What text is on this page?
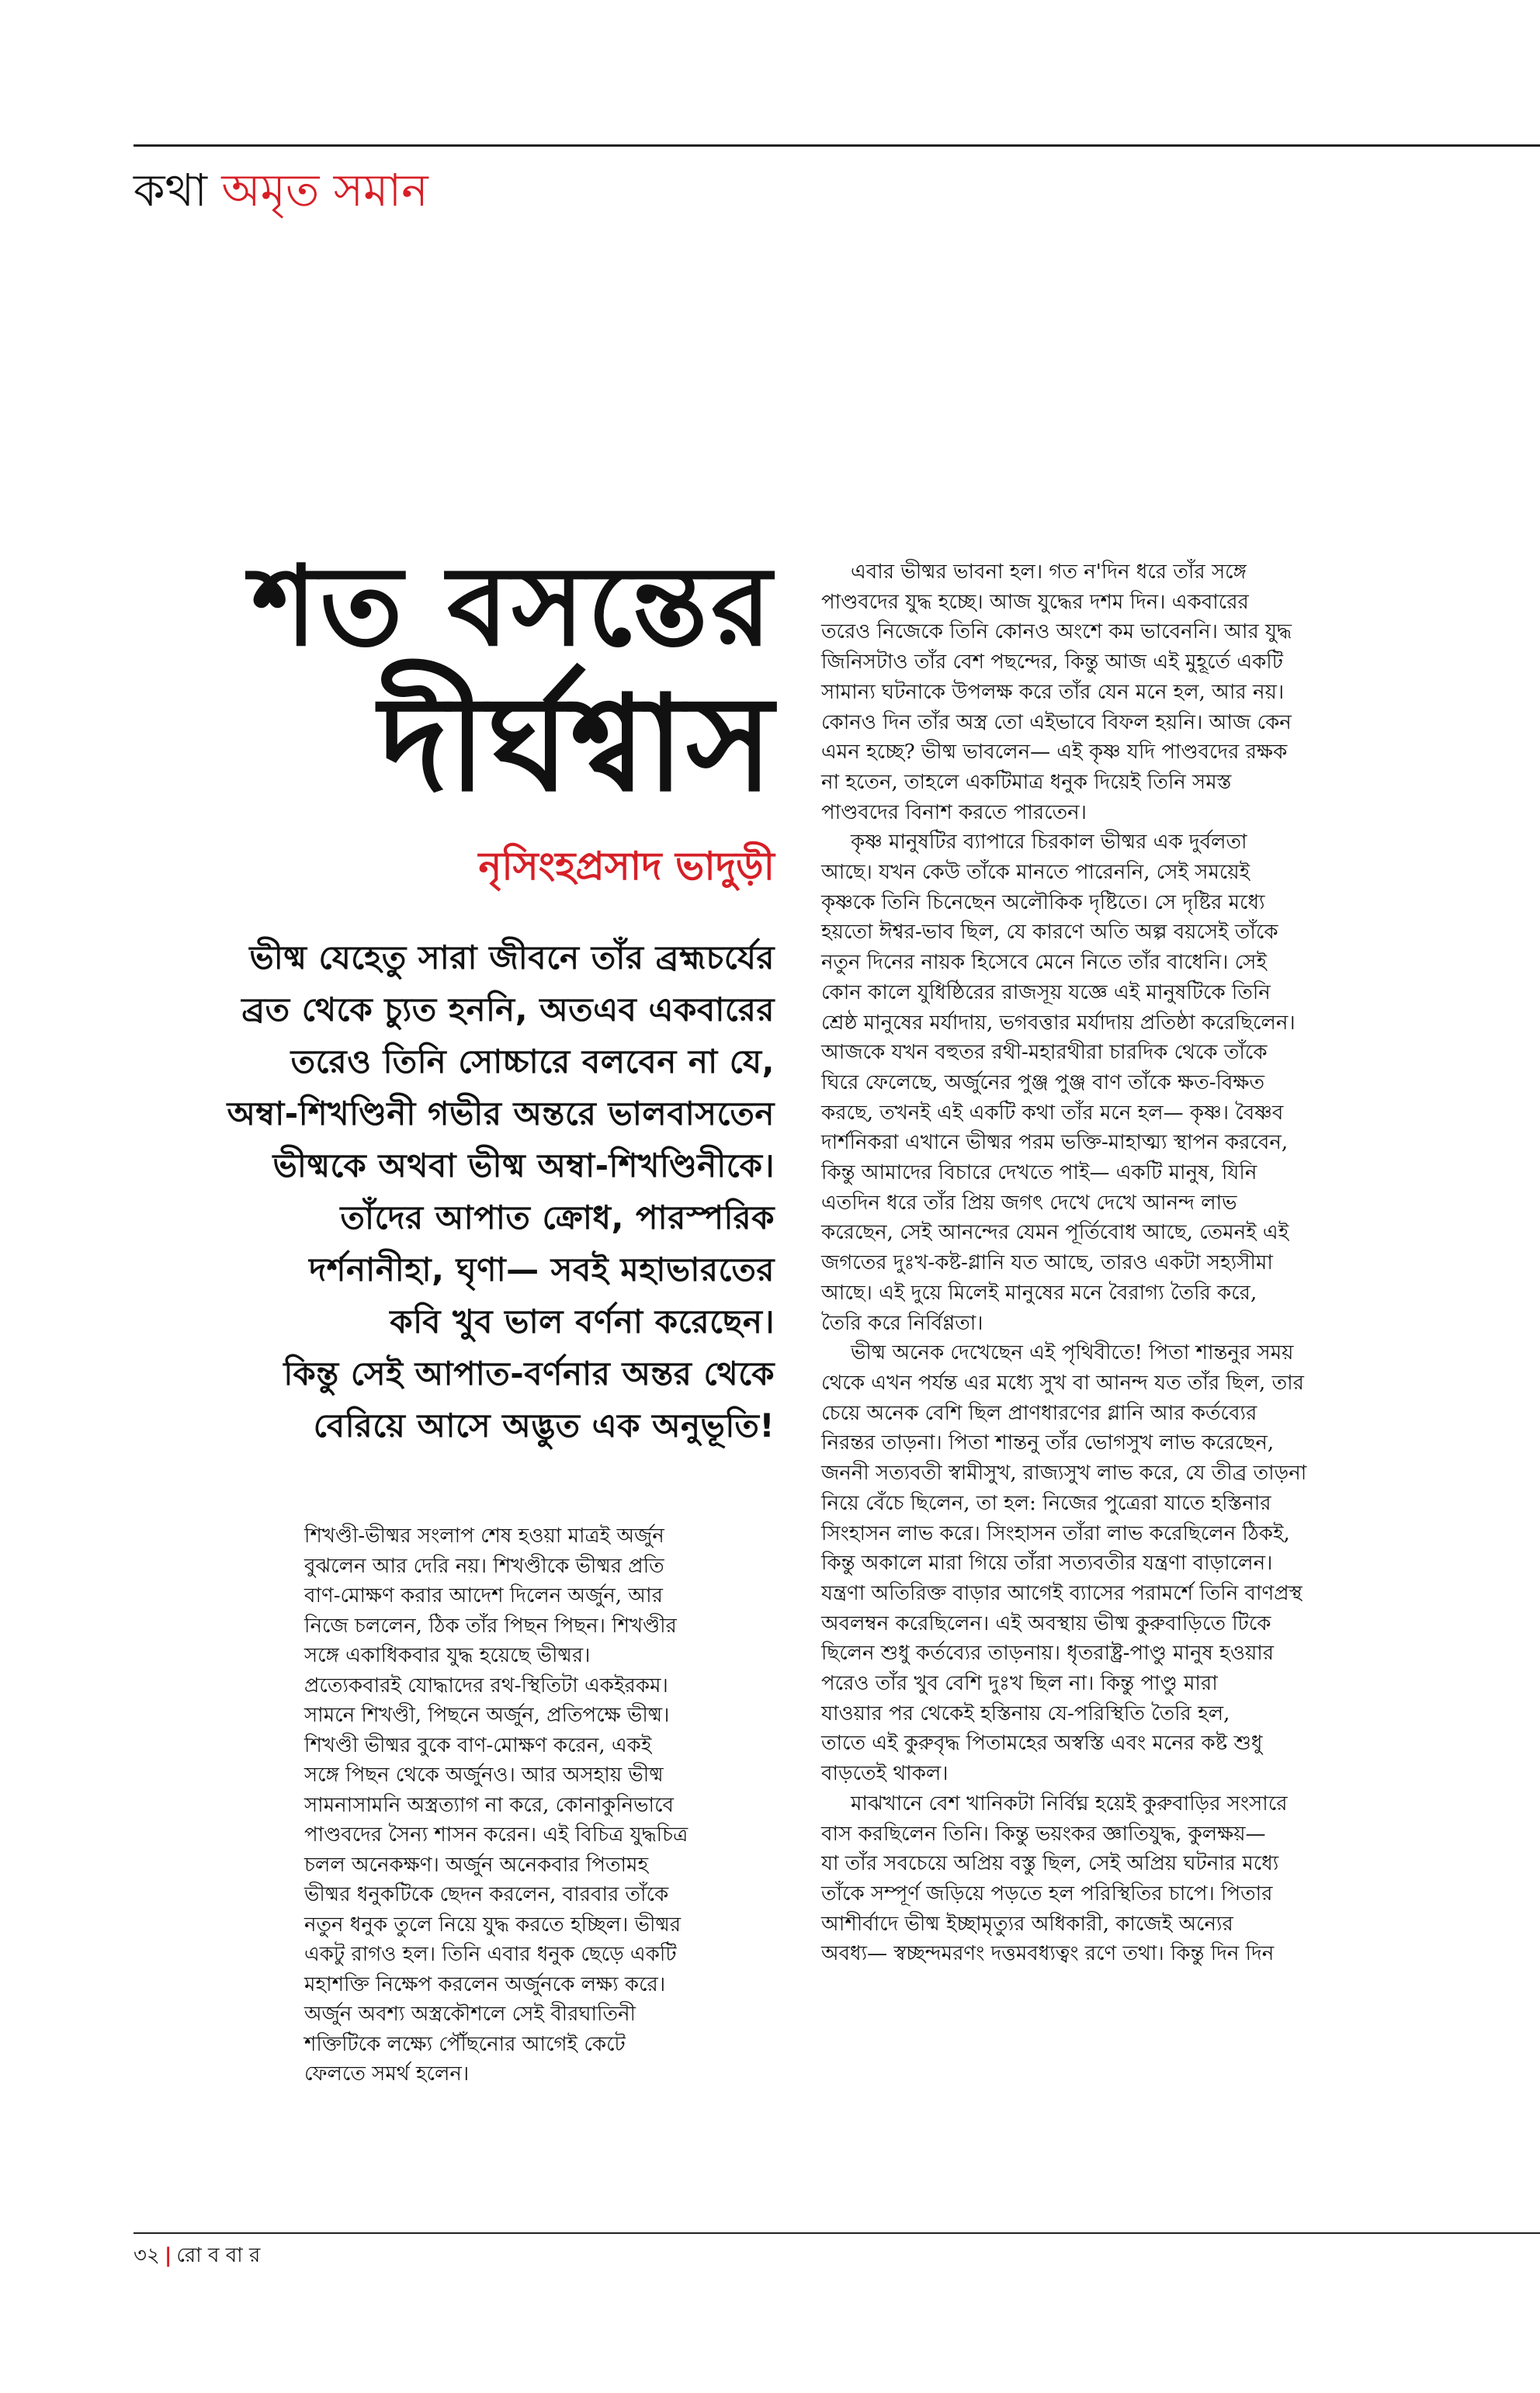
কথা অমৃত সমান
শত বসন্তের
দীর্ঘশ্বাস
নৃসিংহপ্রসাদ ভাদুড়ী
ভীষ্ম যেহেতু সারা জীবনে তাঁর ব্রহ্মচর্যের
ব্রত থেকে চ্যুত হননি, অতএব একবারের
তরেও তিনি সোচ্চারে বলবেন না যে,
অম্বা-শিখণ্ডিনী গভীর অন্তরে ভালবাসতেন
ভীষ্মকে অথবা ভীষ্ম অম্বা-শিখণ্ডিনীকে।
তাঁদের আপাত ক্রোধ, পারস্পরিক
দর্শনানীহা, ঘৃণা— সবই মহাভারতের
কবি খুব ভাল বর্ণনা করেছেন।
কিন্তু সেই আপাত-বর্ণনার অন্তর থেকে
বেরিয়ে আসে অদ্ভুত এক অনুভূতি!
শিখণ্ডী-ভীষ্মর সংলাপ শেষ হওয়া মাত্রই অর্জুন
বুঝলেন আর দেরি নয়। শিখণ্ডীকে ভীষ্মর প্রতি
বাণ-মোক্ষণ করার আদেশ দিলেন অর্জুন, আর
নিজে চললেন, ঠিক তাঁর পিছন পিছন। শিখণ্ডীর
সঙ্গে একাধিকবার যুদ্ধ হয়েছে ভীষ্মর।
প্রত্যেকবারই যোদ্ধাদের রথ-স্থিতিটা একইরকম।
সামনে শিখণ্ডী, পিছনে অর্জুন, প্রতিপক্ষে ভীষ্ম।
শিখণ্ডী ভীষ্মর বুকে বাণ-মোক্ষণ করেন, একই
সঙ্গে পিছন থেকে অর্জুনও। আর অসহায় ভীষ্ম
সামনাসামনি অস্ত্রত্যাগ না করে, কোনাকুনিভাবে
পাণ্ডবদের সৈন্য শাসন করেন। এই বিচিত্র যুদ্ধচিত্র
চলল অনেকক্ষণ। অর্জুন অনেকবার পিতামহ
ভীষ্মর ধনুকটিকে ছেদন করলেন, বারবার তাঁকে
নতুন ধনুক তুলে নিয়ে যুদ্ধ করতে হচ্ছিল। ভীষ্মর
একটু রাগও হল। তিনি এবার ধনুক ছেড়ে একটি
মহাশক্তি নিক্ষেপ করলেন অর্জুনকে লক্ষ্য করে।
অর্জুন অবশ্য অস্ত্রকৌশলে সেই বীরঘাতিনী
শক্তিটিকে লক্ষ্যে পৌঁছনোর আগেই কেটে
ফেলতে সমর্থ হলেন।
এবার ভীষ্মর ভাবনা হল। গত ন'দিন ধরে তাঁর সঙ্গে
পাণ্ডবদের যুদ্ধ হচ্ছে। আজ যুদ্ধের দশম দিন। একবারের
তরেও নিজেকে তিনি কোনও অংশে কম ভাবেননি। আর যুদ্ধ
জিনিসটাও তাঁর বেশ পছন্দের, কিন্তু আজ এই মুহূর্তে একটি
সামান্য ঘটনাকে উপলক্ষ করে তাঁর যেন মনে হল, আর নয়।
কোনও দিন তাঁর অস্ত্র তো এইভাবে বিফল হয়নি। আজ কেন
এমন হচ্ছে? ভীষ্ম ভাবলেন— এই কৃষ্ণ যদি পাণ্ডবদের রক্ষক
না হতেন, তাহলে একটিমাত্র ধনুক দিয়েই তিনি সমস্ত
পাণ্ডবদের বিনাশ করতে পারতেন।
কৃষ্ণ মানুষটির ব্যাপারে চিরকাল ভীষ্মর এক দুর্বলতা
আছে। যখন কেউ তাঁকে মানতে পারেননি, সেই সময়েই
কৃষ্ণকে তিনি চিনেছেন অলৌকিক দৃষ্টিতে। সে দৃষ্টির মধ্যে
হয়তো ঈশ্বর-ভাব ছিল, যে কারণে অতি অল্প বয়সেই তাঁকে
নতুন দিনের নায়ক হিসেবে মেনে নিতে তাঁর বাধেনি। সেই
কোন কালে যুধিষ্ঠিরের রাজসূয় যজ্ঞে এই মানুষটিকে তিনি
শ্রেষ্ঠ মানুষের মর্যাদায়, ভগবত্তার মর্যাদায় প্রতিষ্ঠা করেছিলেন।
আজকে যখন বহুতর রথী-মহারথীরা চারদিক থেকে তাঁকে
ঘিরে ফেলেছে, অর্জুনের পুঞ্জ পুঞ্জ বাণ তাঁকে ক্ষত-বিক্ষত
করছে, তখনই এই একটি কথা তাঁর মনে হল— কৃষ্ণ। বৈষ্ণব
দার্শনিকরা এখানে ভীষ্মর পরম ভক্তি-মাহাত্ম্য স্থাপন করবেন,
কিন্তু আমাদের বিচারে দেখতে পাই— একটি মানুষ, যিনি
এতদিন ধরে তাঁর প্রিয় জগৎ দেখে দেখে আনন্দ লাভ
করেছেন, সেই আনন্দের যেমন পূর্তিবোধ আছে, তেমনই এই
জগতের দুঃখ-কষ্ট-গ্লানি যত আছে, তারও একটা সহ্যসীমা
আছে। এই দুয়ে মিলেই মানুষের মনে বৈরাগ্য তৈরি করে,
তৈরি করে নির্বিণ্ণতা।
ভীষ্ম অনেক দেখেছেন এই পৃথিবীতে! পিতা শান্তনুর সময়
থেকে এখন পর্যন্ত এর মধ্যে সুখ বা আনন্দ যত তাঁর ছিল, তার
চেয়ে অনেক বেশি ছিল প্রাণধারণের গ্লানি আর কর্তব্যের
নিরন্তর তাড়না। পিতা শান্তনু তাঁর ভোগসুখ লাভ করেছেন,
জননী সত্যবতী স্বামীসুখ, রাজ্যসুখ লাভ করে, যে তীব্র তাড়না
নিয়ে বেঁচে ছিলেন, তা হল: নিজের পুত্রেরা যাতে হস্তিনার
সিংহাসন লাভ করে। সিংহাসন তাঁরা লাভ করেছিলেন ঠিকই,
কিন্তু অকালে মারা গিয়ে তাঁরা সত্যবতীর যন্ত্রণা বাড়ালেন।
যন্ত্রণা অতিরিক্ত বাড়ার আগেই ব্যাসের পরামর্শে তিনি বাণপ্রস্থ
অবলম্বন করেছিলেন। এই অবস্থায় ভীষ্ম কুরুবাড়িতে টিকে
ছিলেন শুধু কর্তব্যের তাড়নায়। ধৃতরাষ্ট্র-পাণ্ডু মানুষ হওয়ার
পরেও তাঁর খুব বেশি দুঃখ ছিল না। কিন্তু পাণ্ডু মারা
যাওয়ার পর থেকেই হস্তিনায় যে-পরিস্থিতি তৈরি হল,
তাতে এই কুরুবৃদ্ধ পিতামহের অস্বস্তি এবং মনের কষ্ট শুধু
বাড়তেই থাকল।
মাঝখানে বেশ খানিকটা নির্বিঘ্ন হয়েই কুরুবাড়ির সংসারে
বাস করছিলেন তিনি। কিন্তু ভয়ংকর জ্ঞাতিযুদ্ধ, কুলক্ষয়—
যা তাঁর সবচেয়ে অপ্রিয় বস্তু ছিল, সেই অপ্রিয় ঘটনার মধ্যে
তাঁকে সম্পূর্ণ জড়িয়ে পড়তে হল পরিস্থিতির চাপে। পিতার
আশীর্বাদে ভীষ্ম ইচ্ছামৃত্যুর অধিকারী, কাজেই অন্যের
অবধ্য— স্বচ্ছন্দমরণং দত্তমবধ্যত্বং রণে তথা। কিন্তু দিন দিন
৩২ | রো ব বা র
